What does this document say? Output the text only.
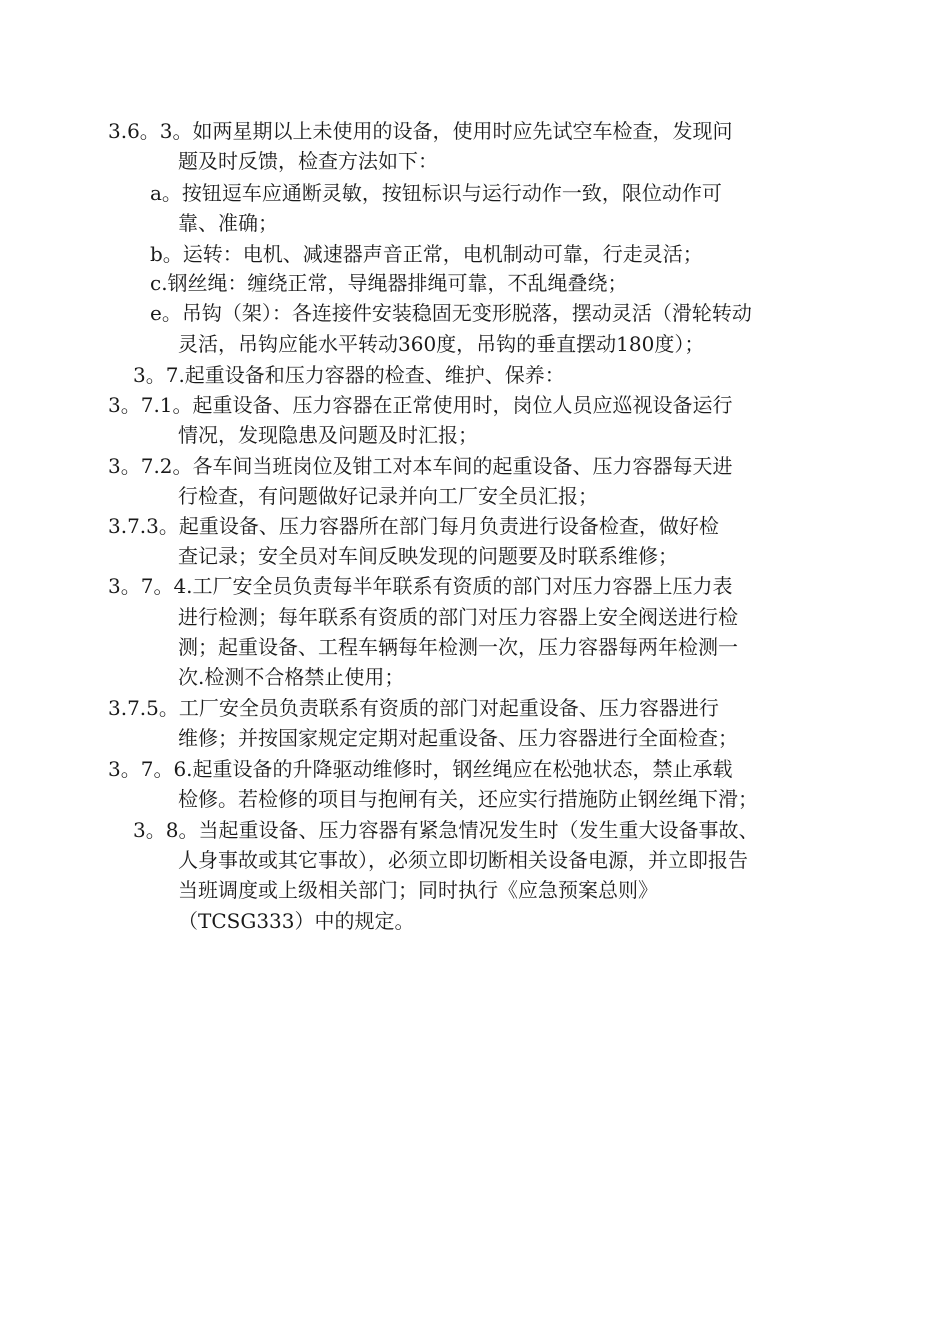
3.6。3。如两星期以上未使用的设备，使用时应先试空车检查，发现问
题及时反馈，检查方法如下：
a。按钮逗车应通断灵敏，按钮标识与运行动作一致，限位动作可
靠、准确；
b。运转：电机、减速器声音正常，电机制动可靠，行走灵活；
c.钢丝绳：缠绕正常，导绳器排绳可靠，不乱绳叠绕；
e。吊钩（架）：各连接件安装稳固无变形脱落，摆动灵活（滑轮转动
灵活，吊钩应能水平转动360度，吊钩的垂直摆动180度）；
3。7.起重设备和压力容器的检查、维护、保养：
3。7.1。起重设备、压力容器在正常使用时，岗位人员应巡视设备运行
情况，发现隐患及问题及时汇报；
3。7.2。各车间当班岗位及钳工对本车间的起重设备、压力容器每天进
行检查，有问题做好记录并向工厂安全员汇报；
3.7.3。起重设备、压力容器所在部门每月负责进行设备检查，做好检
查记录；安全员对车间反映发现的问题要及时联系维修；
3。7。4.工厂安全员负责每半年联系有资质的部门对压力容器上压力表
进行检测；每年联系有资质的部门对压力容器上安全阀送进行检
测；起重设备、工程车辆每年检测一次，压力容器每两年检测一
次.检测不合格禁止使用；
3.7.5。工厂安全员负责联系有资质的部门对起重设备、压力容器进行
维修；并按国家规定定期对起重设备、压力容器进行全面检查；
3。7。6.起重设备的升降驱动维修时，钢丝绳应在松弛状态，禁止承载
检修。若检修的项目与抱闸有关，还应实行措施防止钢丝绳下滑；
3。8。当起重设备、压力容器有紧急情况发生时（发生重大设备事故、
人身事故或其它事故），必须立即切断相关设备电源，并立即报告
当班调度或上级相关部门；同时执行《应急预案总则》
（TCSG333）中的规定。
